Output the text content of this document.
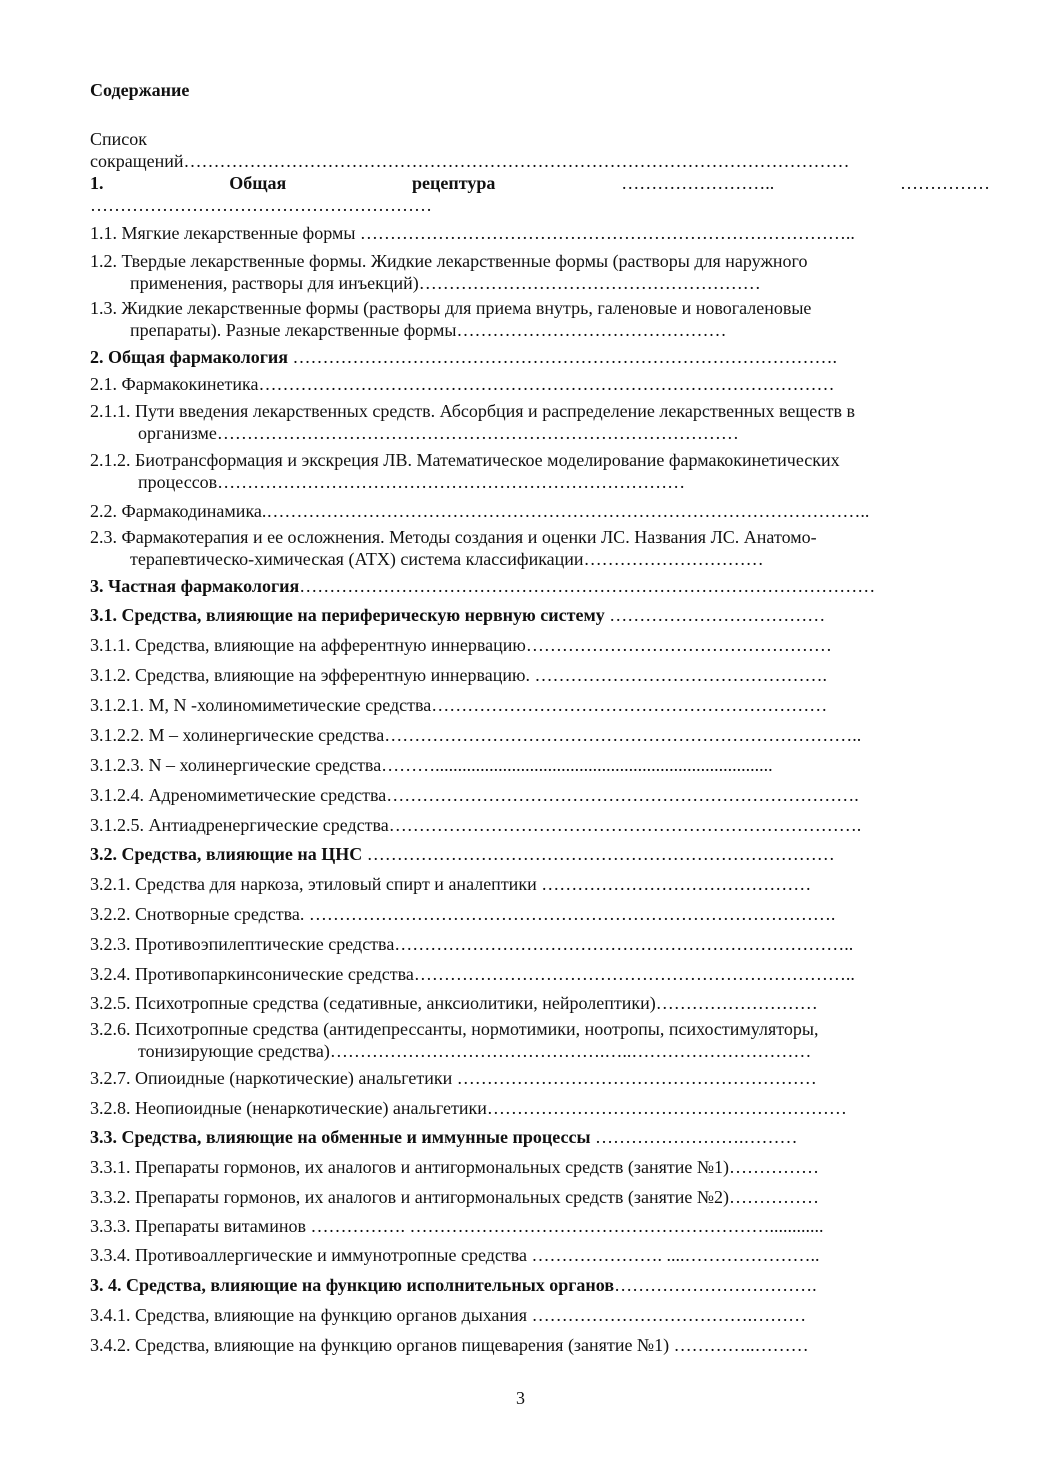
Содержание
Список
сокращений…………………………………………………………………………………………………
1.	Общая	рецептура	……………………..	……………
…………………………………………………
1.1. Мягкие лекарственные формы ………………………………………………………………………..
1.2. Твердые лекарственные формы. Жидкие лекарственные формы (растворы для наружного
применения, растворы для инъекций)…………………………………………………
1.3. Жидкие лекарственные формы (растворы для приема внутрь, галеновые и новогаленовые
препараты). Разные лекарственные формы………………………………………
2. Общая фармакология ……………………………………………………………………………….
2.1. Фармакокинетика……………………………………………………………………………………
2.1.1. Пути введения лекарственных средств. Абсорбция и распределение лекарственных веществ в
организме……………………………………………………………………………
2.1.2. Биотрансформация и экскреция ЛВ. Математическое моделирование фармакокинетических
процессов……………………………………………………………………
2.2. Фармакодинамика.………………………………………………………………………………………..
2.3. Фармакотерапия и ее осложнения. Методы создания и оценки ЛС. Названия ЛС. Анатомо-
терапевтическо-химическая (АТХ) система классификации…………………………
3. Частная фармакология……………………………………………………………………………………
3.1. Средства, влияющие на периферическую нервную систему ………………………………
3.1.1. Средства, влияющие на афферентную иннервацию……………………………………………
3.1.2. Средства, влияющие на эфферентную иннервацию. ………………………………………….
3.1.2.1. M, N -холиномиметические средства…………………………………………………………
3.1.2.2. M – холинергические средства……………………………………………………………………..
3.1.2.3. N – холинергические средства………...........................................................................
3.1.2.4. Адреномиметические средства…………………………………………………………………….
3.1.2.5. Антиадренергические средства…………………………………………………………………….
3.2. Средства, влияющие на ЦНС ……………………………………………………………………
3.2.1. Средства для наркоза, этиловый спирт и аналептики ………………………………………
3.2.2. Снотворные средства. …………………………………………………………………………….
3.2.3. Противоэпилептические средства…………………………………………………………………..
3.2.4. Противопаркинсонические средства………………………………………………………………..
3.2.5. Психотропные средства (седативные, анксиолитики, нейролептики)………………………
3.2.6. Психотропные средства (антидепрессанты, нормотимики, ноотропы, психостимуляторы,
тонизирующие средства)……………………………………….…..…………………………
3.2.7. Опиоидные (наркотические) анальгетики ……………………………………………………
3.2.8. Неопиоидные (ненаркотические) анальгетики……………………………………………………
3.3. Средства, влияющие на обменные и иммунные процессы …………………….………
3.3.1. Препараты гормонов, их аналогов и антигормональных средств (занятие №1)……………
3.3.2. Препараты гормонов, их аналогов и антигормональных средств (занятие №2)……………
3.3.3. Препараты витаминов ……………. ……………………………………………………............
3.3.4. Противоаллергические и иммунотропные средства …………………. ....…………………..
3. 4. Средства, влияющие на функцию исполнительных органов…………………………….
3.4.1. Средства, влияющие на функцию органов дыхания ……………………………….………
3.4.2. Средства, влияющие на функцию органов пищеварения (занятие №1) …………..………
3
